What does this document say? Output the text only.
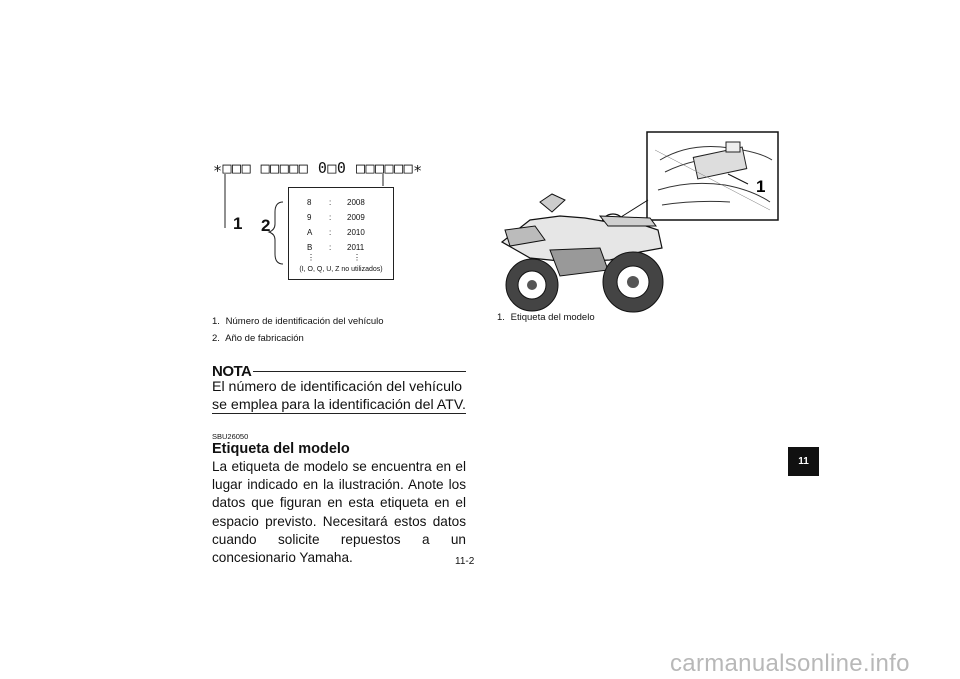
∗□□□ □□□□□ 0□0 □□□□□□∗
1 2
8 : 2008
9 : 2009
A : 2010
B : 2011
⋮	⋮
(I, O, Q, U, Z no utilizados)
1. Número de identificación del vehículo
2. Año de fabricación
NOTA
El número de identificación del vehículo se emplea para la identificación del ATV.
SBU26050
Etiqueta del modelo
La etiqueta de modelo se encuentra en el lugar indicado en la ilustración. Anote los datos que figuran en esta etiqueta en el espacio previsto. Necesitará estos datos cuando solicite repuestos a un concesionario Yamaha.
1
1. Etiqueta del modelo
11-2
11
carmanualsonline.info
